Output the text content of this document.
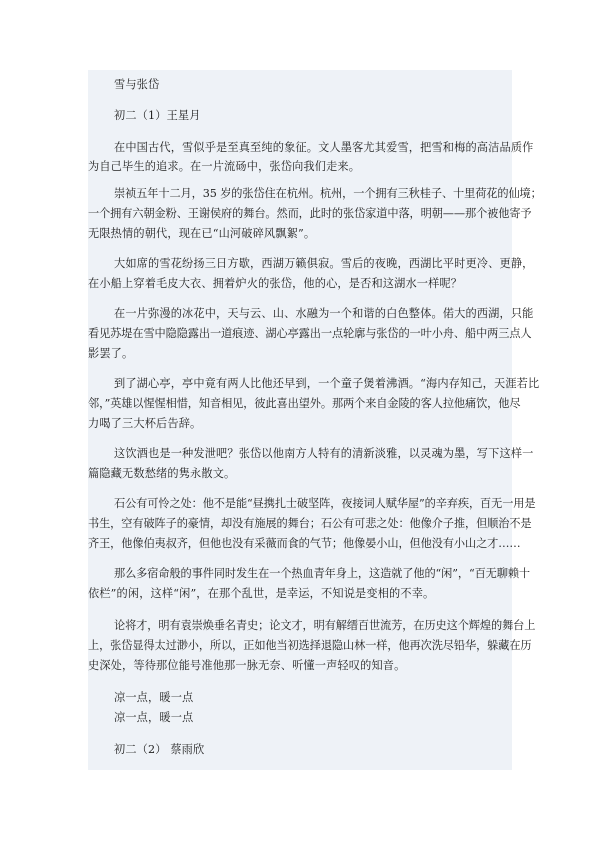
雪与张岱
初二（1）王星月
在中国古代，雪似乎是至真至纯的象征。文人墨客尤其爱雪，把雪和梅的高洁品质作
为自己毕生的追求。在一片流砀中，张岱向我们走来。
崇祯五年十二月，35 岁的张岱住在杭州。杭州，一个拥有三秋桂子、十里荷花的仙境；
一个拥有六朝金粉、王谢侯府的舞台。然而，此时的张岱家道中落，明朝——那个被他寄予
无限热情的朝代，现在已“山河破碎风飘絮”。
大如席的雪花纷扬三日方歇，西湖万籁俱寂。雪后的夜晚，西湖比平时更冷、更静，
在小船上穿着毛皮大衣、拥着炉火的张岱，他的心，是否和这湖水一样呢？
在一片弥漫的冰花中，天与云、山、水融为一个和谐的白色整体。偌大的西湖，只能
看见苏堤在雪中隐隐露出一道痕迹、湖心亭露出一点轮廓与张岱的一叶小舟、船中两三点人
影罢了。
到了湖心亭，亭中竟有两人比他还早到，一个童子煲着沸酒。“海内存知己，天涯若比
邻，”英雄以惺惺相惜，知音相见，彼此喜出望外。那两个来自金陵的客人拉他痛饮，他尽
力喝了三大杯后告辞。
这饮酒也是一种发泄吧？张岱以他南方人特有的清新淡雅，以灵魂为墨，写下这样一
篇隐藏无数愁绪的隽永散文。
石公有可怜之处：他不是能“昼携扎士破坚阵，夜接词人赋华屋”的辛弃疾，百无一用是
书生，空有破阵子的豪情，却没有施展的舞台；石公有可悲之处：他像介子推，但顺治不是
齐王，他像伯夷叔齐，但他也没有采薇而食的气节；他像晏小山，但他没有小山之才……
那么多宿命般的事件同时发生在一个热血青年身上，这造就了他的“闲”，“百无聊赖十
依栏”的闲，这样“闲”，在那个乱世，是幸运，不知说是变相的不幸。
论将才，明有袁崇焕垂名青史；论文才，明有解缙百世流芳，在历史这个辉煌的舞台上
上，张岱显得太过渺小，所以，正如他当初选择退隐山林一样，他再次洗尽铅华，躲藏在历
史深处，等待那位能号准他那一脉无奈、听懂一声轻叹的知音。
凉一点，暖一点
凉一点，暖一点
初二（2） 蔡雨欣
